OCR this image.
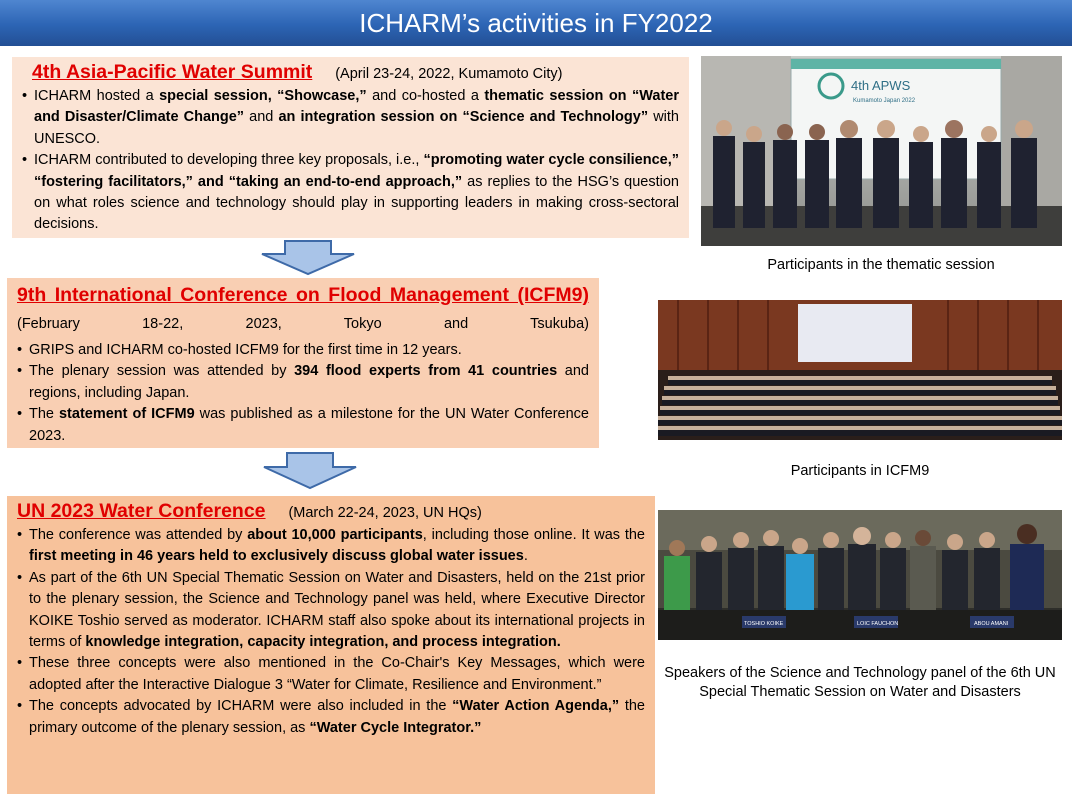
ICHARM’s activities in FY2022
4th Asia-Pacific Water Summit (April 23-24, 2022, Kumamoto City)
• ICHARM hosted a special session, “Showcase,” and co-hosted a thematic session on “Water and Disaster/Climate Change” and an integration session on “Science and Technology” with UNESCO.
• ICHARM contributed to developing three key proposals, i.e., “promoting water cycle consilience,” “fostering facilitators,” and “taking an end-to-end approach,” as replies to the HSG’s question on what roles science and technology should play in supporting leaders in making cross-sectoral decisions.
9th International Conference on Flood Management (ICFM9) (February 18-22, 2023, Tokyo and Tsukuba)
• GRIPS and ICHARM co-hosted ICFM9 for the first time in 12 years.
• The plenary session was attended by 394 flood experts from 41 countries and regions, including Japan.
• The statement of ICFM9 was published as a milestone for the UN Water Conference 2023.
UN 2023 Water Conference (March 22-24, 2023, UN HQs)
• The conference was attended by about 10,000 participants, including those online. It was the first meeting in 46 years held to exclusively discuss global water issues.
• As part of the 6th UN Special Thematic Session on Water and Disasters, held on the 21st prior to the plenary session, the Science and Technology panel was held, where Executive Director KOIKE Toshio served as moderator. ICHARM staff also spoke about its international projects in terms of knowledge integration, capacity integration, and process integration.
• These three concepts were also mentioned in the Co-Chair's Key Messages, which were adopted after the Interactive Dialogue 3 “Water for Climate, Resilience and Environment.”
• The concepts advocated by ICHARM were also included in the “Water Action Agenda,” the primary outcome of the plenary session, as “Water Cycle Integrator.”
4th APWS
Kumamoto Japan 2022
Participants in the thematic session
Participants in ICFM9
TOSHIO KOIKE	LOIC FAUCHON	ABOU AMANI
Speakers of the Science and Technology panel of the 6th UN Special Thematic Session on Water and Disasters
